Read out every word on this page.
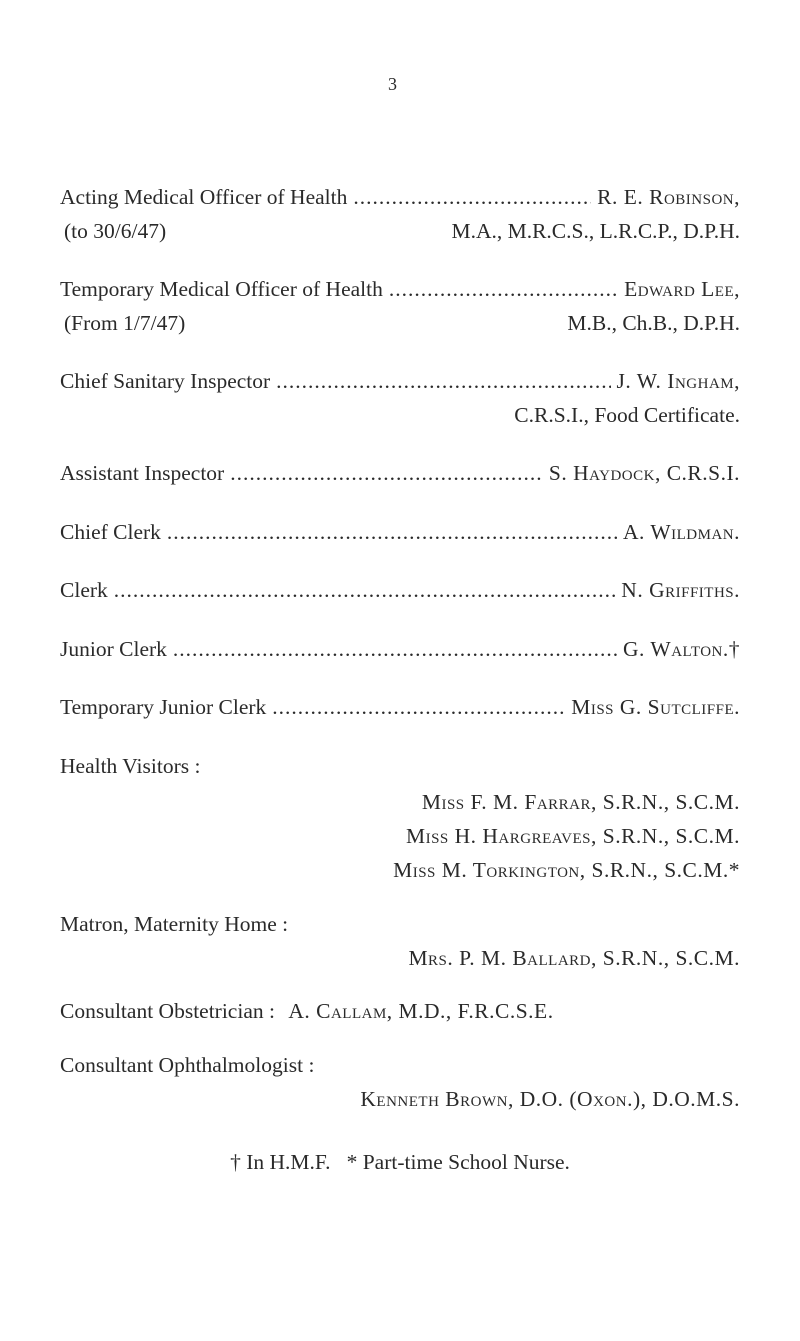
3
Acting Medical Officer of Health .....	R. E. Robinson,
(to 30/6/47)	M.A., M.R.C.S., L.R.C.P., D.P.H.
Temporary Medical Officer of Health .....	Edward Lee,
(From 1/7/47)	M.B., Ch.B., D.P.H.
Chief Sanitary Inspector .....	J. W. Ingham,
C.R.S.I., Food Certificate.
Assistant Inspector .....	S. Haydock, C.R.S.I.
Chief Clerk .....	A. Wildman.
Clerk .....	N. Griffiths.
Junior Clerk .....	G. Walton.†
Temporary Junior Clerk .....	Miss G. Sutcliffe.
Health Visitors :
Miss F. M. Farrar, S.R.N., S.C.M.
Miss H. Hargreaves, S.R.N., S.C.M.
Miss M. Torkington, S.R.N., S.C.M.*
Matron, Maternity Home :
Mrs. P. M. Ballard, S.R.N., S.C.M.
Consultant Obstetrician : A. Callam, M.D., F.R.C.S.E.
Consultant Ophthalmologist :
Kenneth Brown, D.O. (Oxon.), D.O.M.S.
† In H.M.F.   * Part-time School Nurse.
